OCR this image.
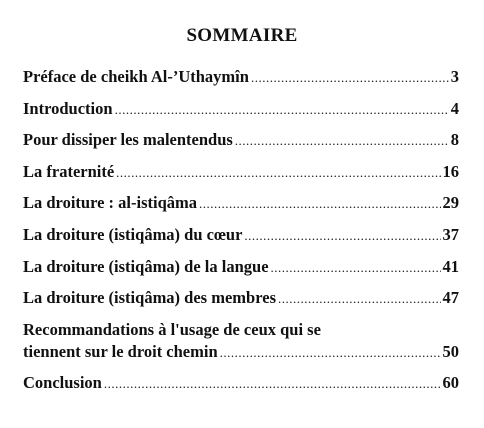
SOMMAIRE
Préface de cheikh Al-’Uthaymîn .....	3
Introduction .....	4
Pour dissiper les malentendus .....	8
La fraternité .....	16
La droiture : al-istiqâma .....	29
La droiture (istiqâma) du cœur .....	37
La droiture (istiqâma) de la langue .....	41
La droiture (istiqâma) des membres .....	47
Recommandations à l'usage de ceux qui se
tiennent sur le droit chemin .....	50
Conclusion .....	60
